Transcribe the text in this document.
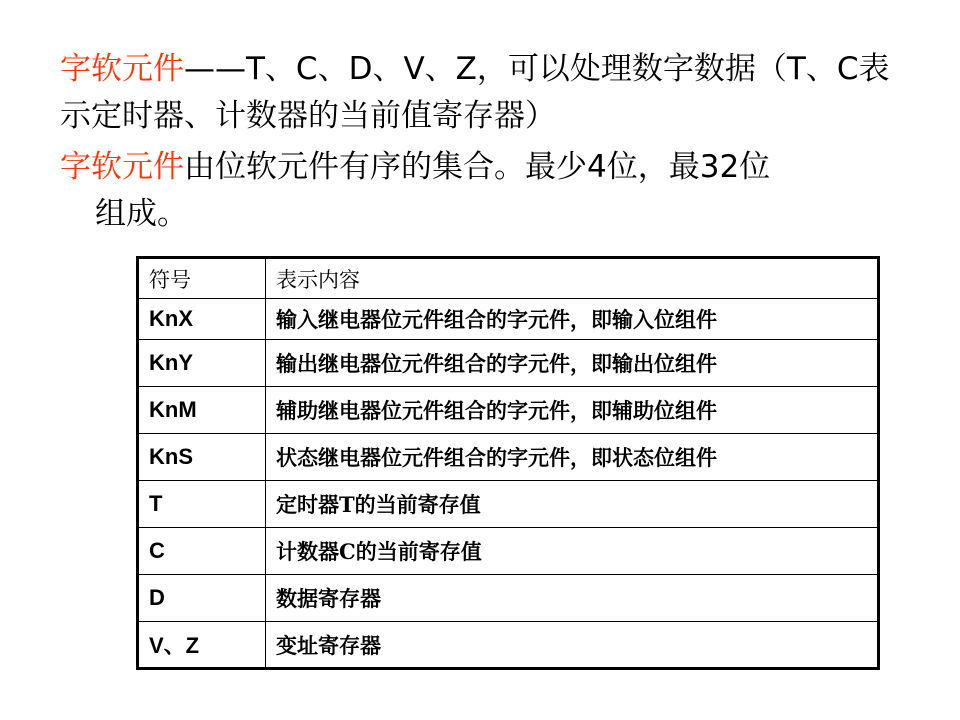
字软元件——T、C、D、V、Z，可以处理数字数据（T、C表示定时器、计数器的当前值寄存器）
字软元件由位软元件有序的集合。最少4位，最32位
组成。
符号	表示内容
KnX	输入继电器位元件组合的字元件，即输入位组件
KnY	输出继电器位元件组合的字元件，即输出位组件
KnM	辅助继电器位元件组合的字元件，即辅助位组件
KnS	状态继电器位元件组合的字元件，即状态位组件
T	定时器T的当前寄存值
C	计数器C的当前寄存值
D	数据寄存器
V、Z	变址寄存器
